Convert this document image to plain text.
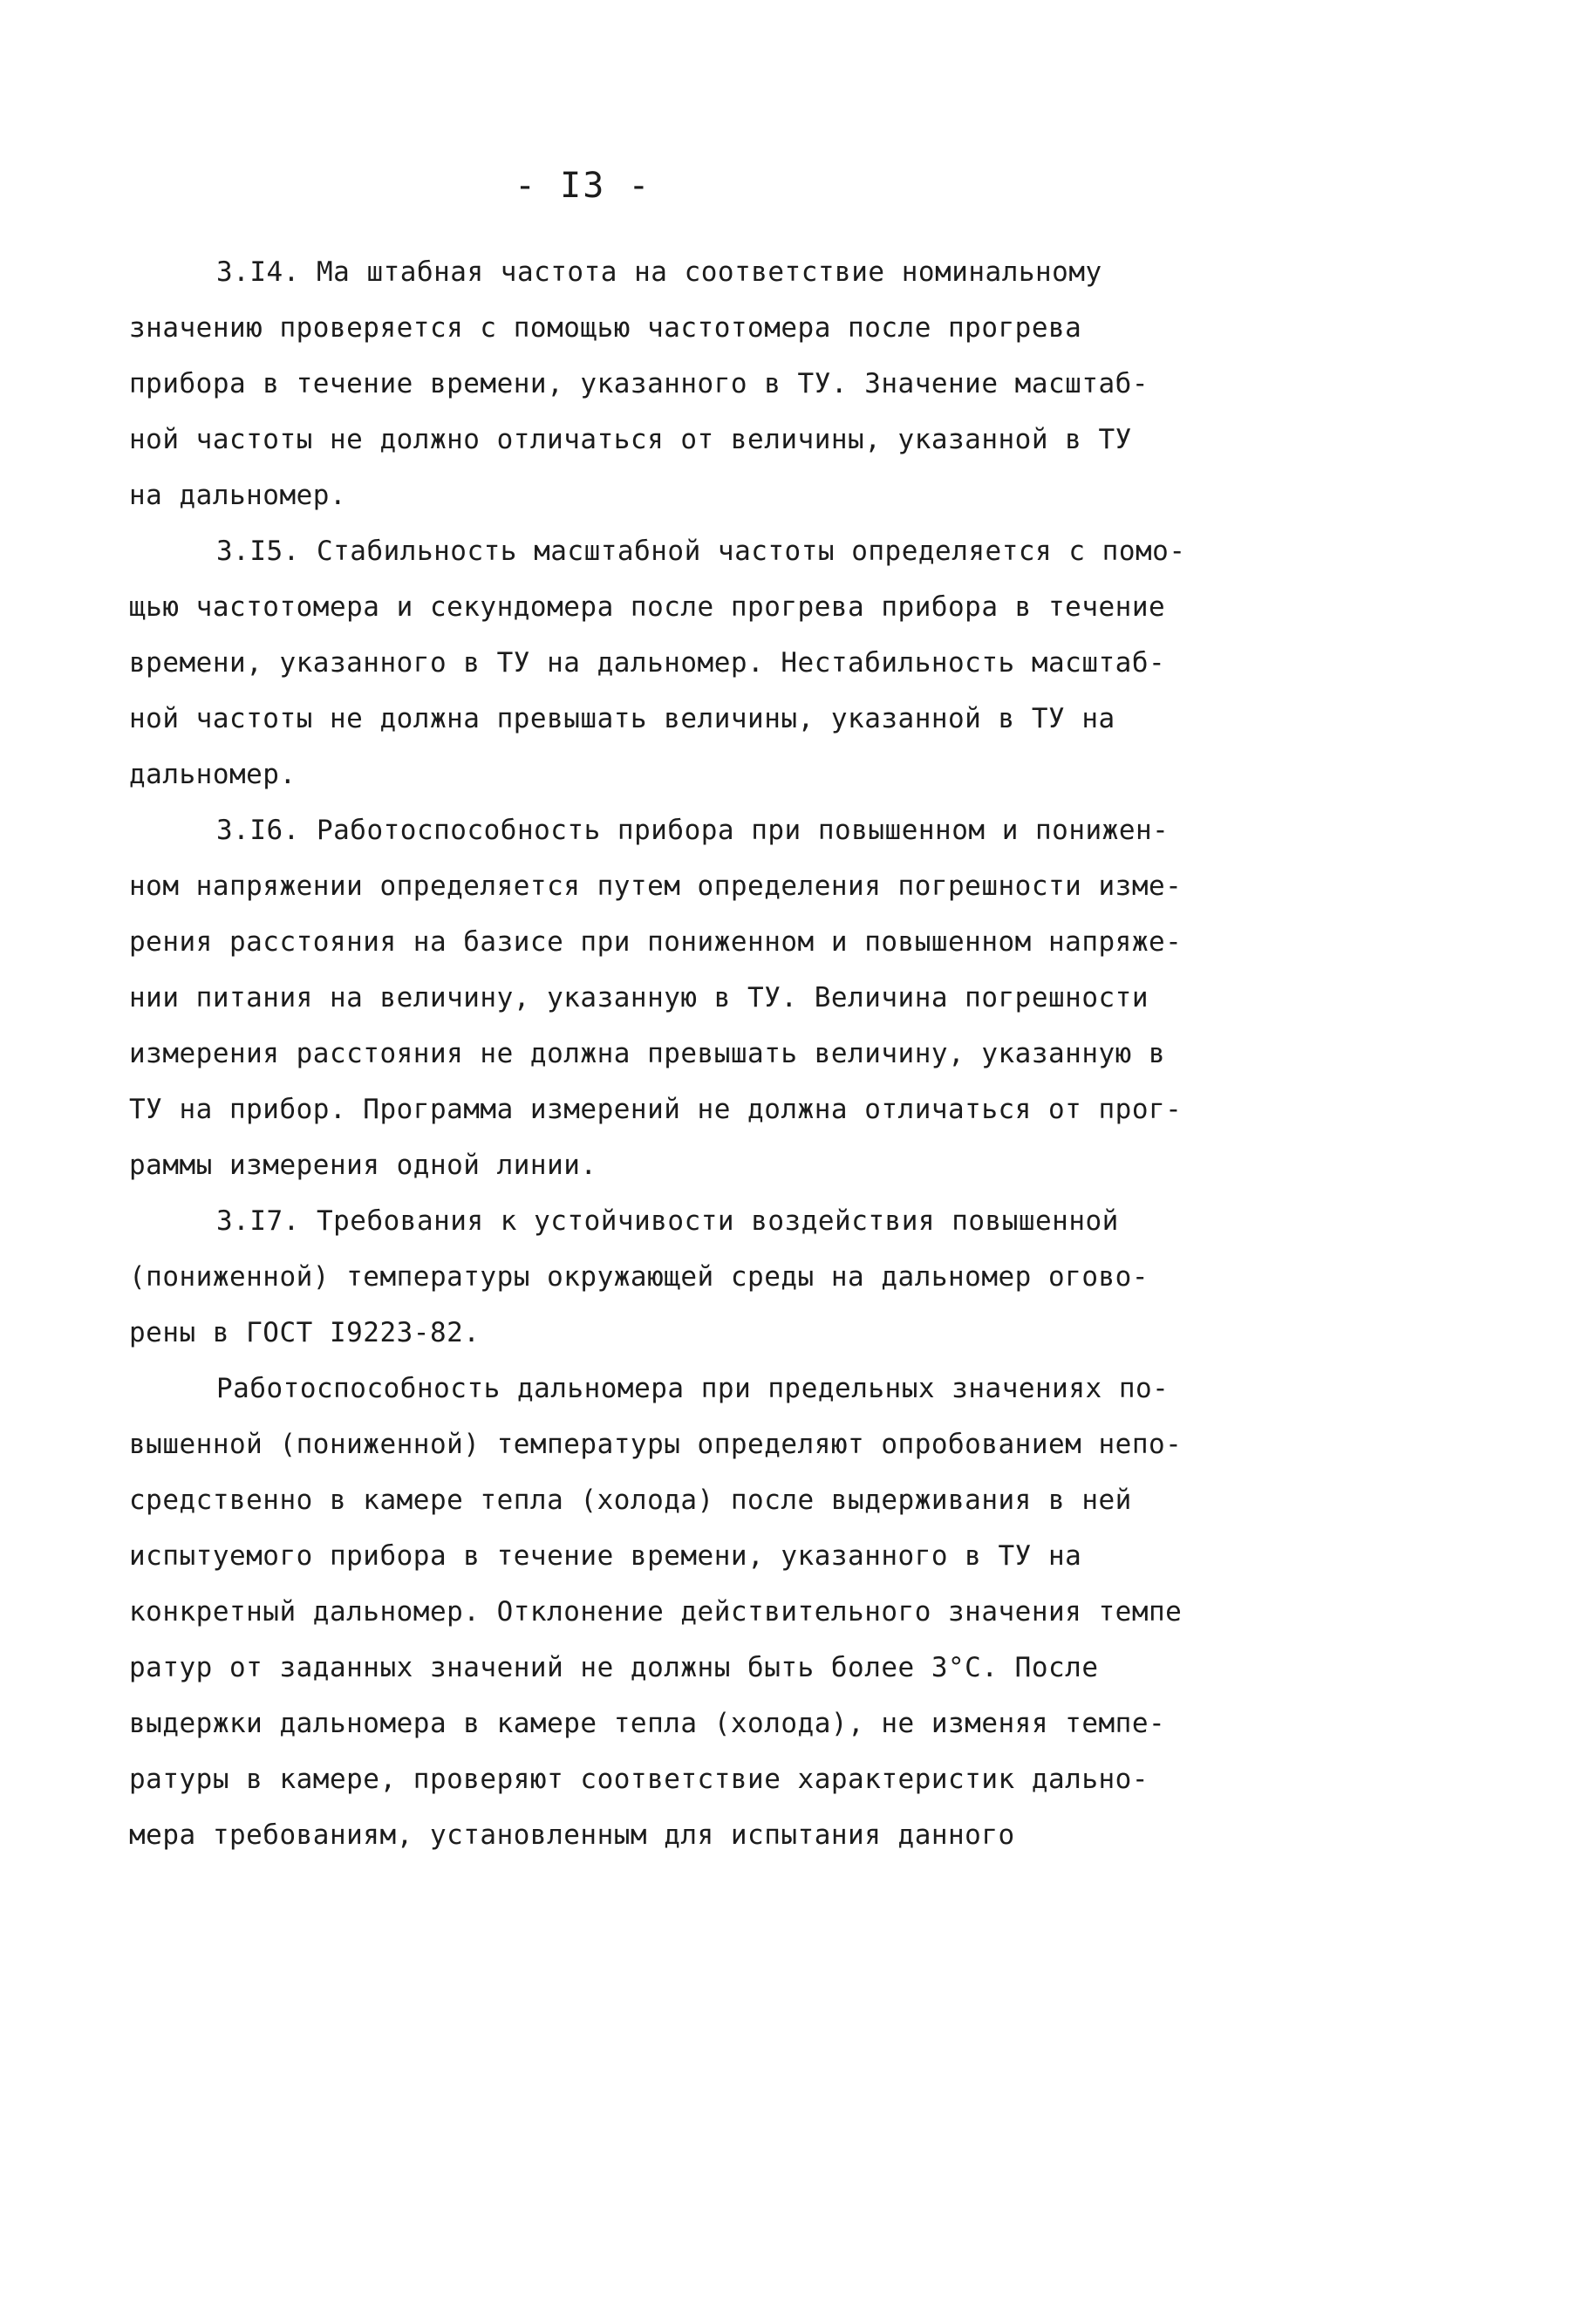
- I3 -
3.I4. Ма штабная частота на соответствие номинальному
значению проверяется с помощью частотомера после прогрева
прибора в течение времени, указанного в ТУ. Значение масштаб-
ной частоты не должно отличаться от величины, указанной в ТУ
на дальномер.
3.I5. Стабильность масштабной частоты определяется с помо-
щью частотомера и секундомера после прогрева прибора в течение
времени, указанного в ТУ на дальномер. Нестабильность масштаб-
ной частоты не должна превышать величины, указанной в ТУ на
дальномер.
3.I6. Работоспособность прибора при повышенном и понижен-
ном напряжении определяется путем определения погрешности изме-
рения расстояния на базисе при пониженном и повышенном напряже-
нии питания на величину, указанную в ТУ. Величина погрешности
измерения расстояния не должна превышать величину, указанную в
ТУ на прибор. Программа измерений не должна отличаться от прог-
раммы измерения одной линии.
3.I7. Требования к устойчивости воздействия повышенной
(пониженной) температуры окружающей среды на дальномер огово-
рены в ГОСТ I9223-82.
Работоспособность дальномера при предельных значениях по-
вышенной (пониженной) температуры определяют опробованием непо-
средственно в камере тепла (холода) после выдерживания в ней
испытуемого прибора в течение времени, указанного в ТУ на
конкретный дальномер. Отклонение действительного значения темпе
ратур от заданных значений не должны быть более 3°С. После
выдержки дальномера в камере тепла (холода), не изменяя темпе-
ратуры в камере, проверяют соответствие характеристик дально-
мера требованиям, установленным для испытания данного
